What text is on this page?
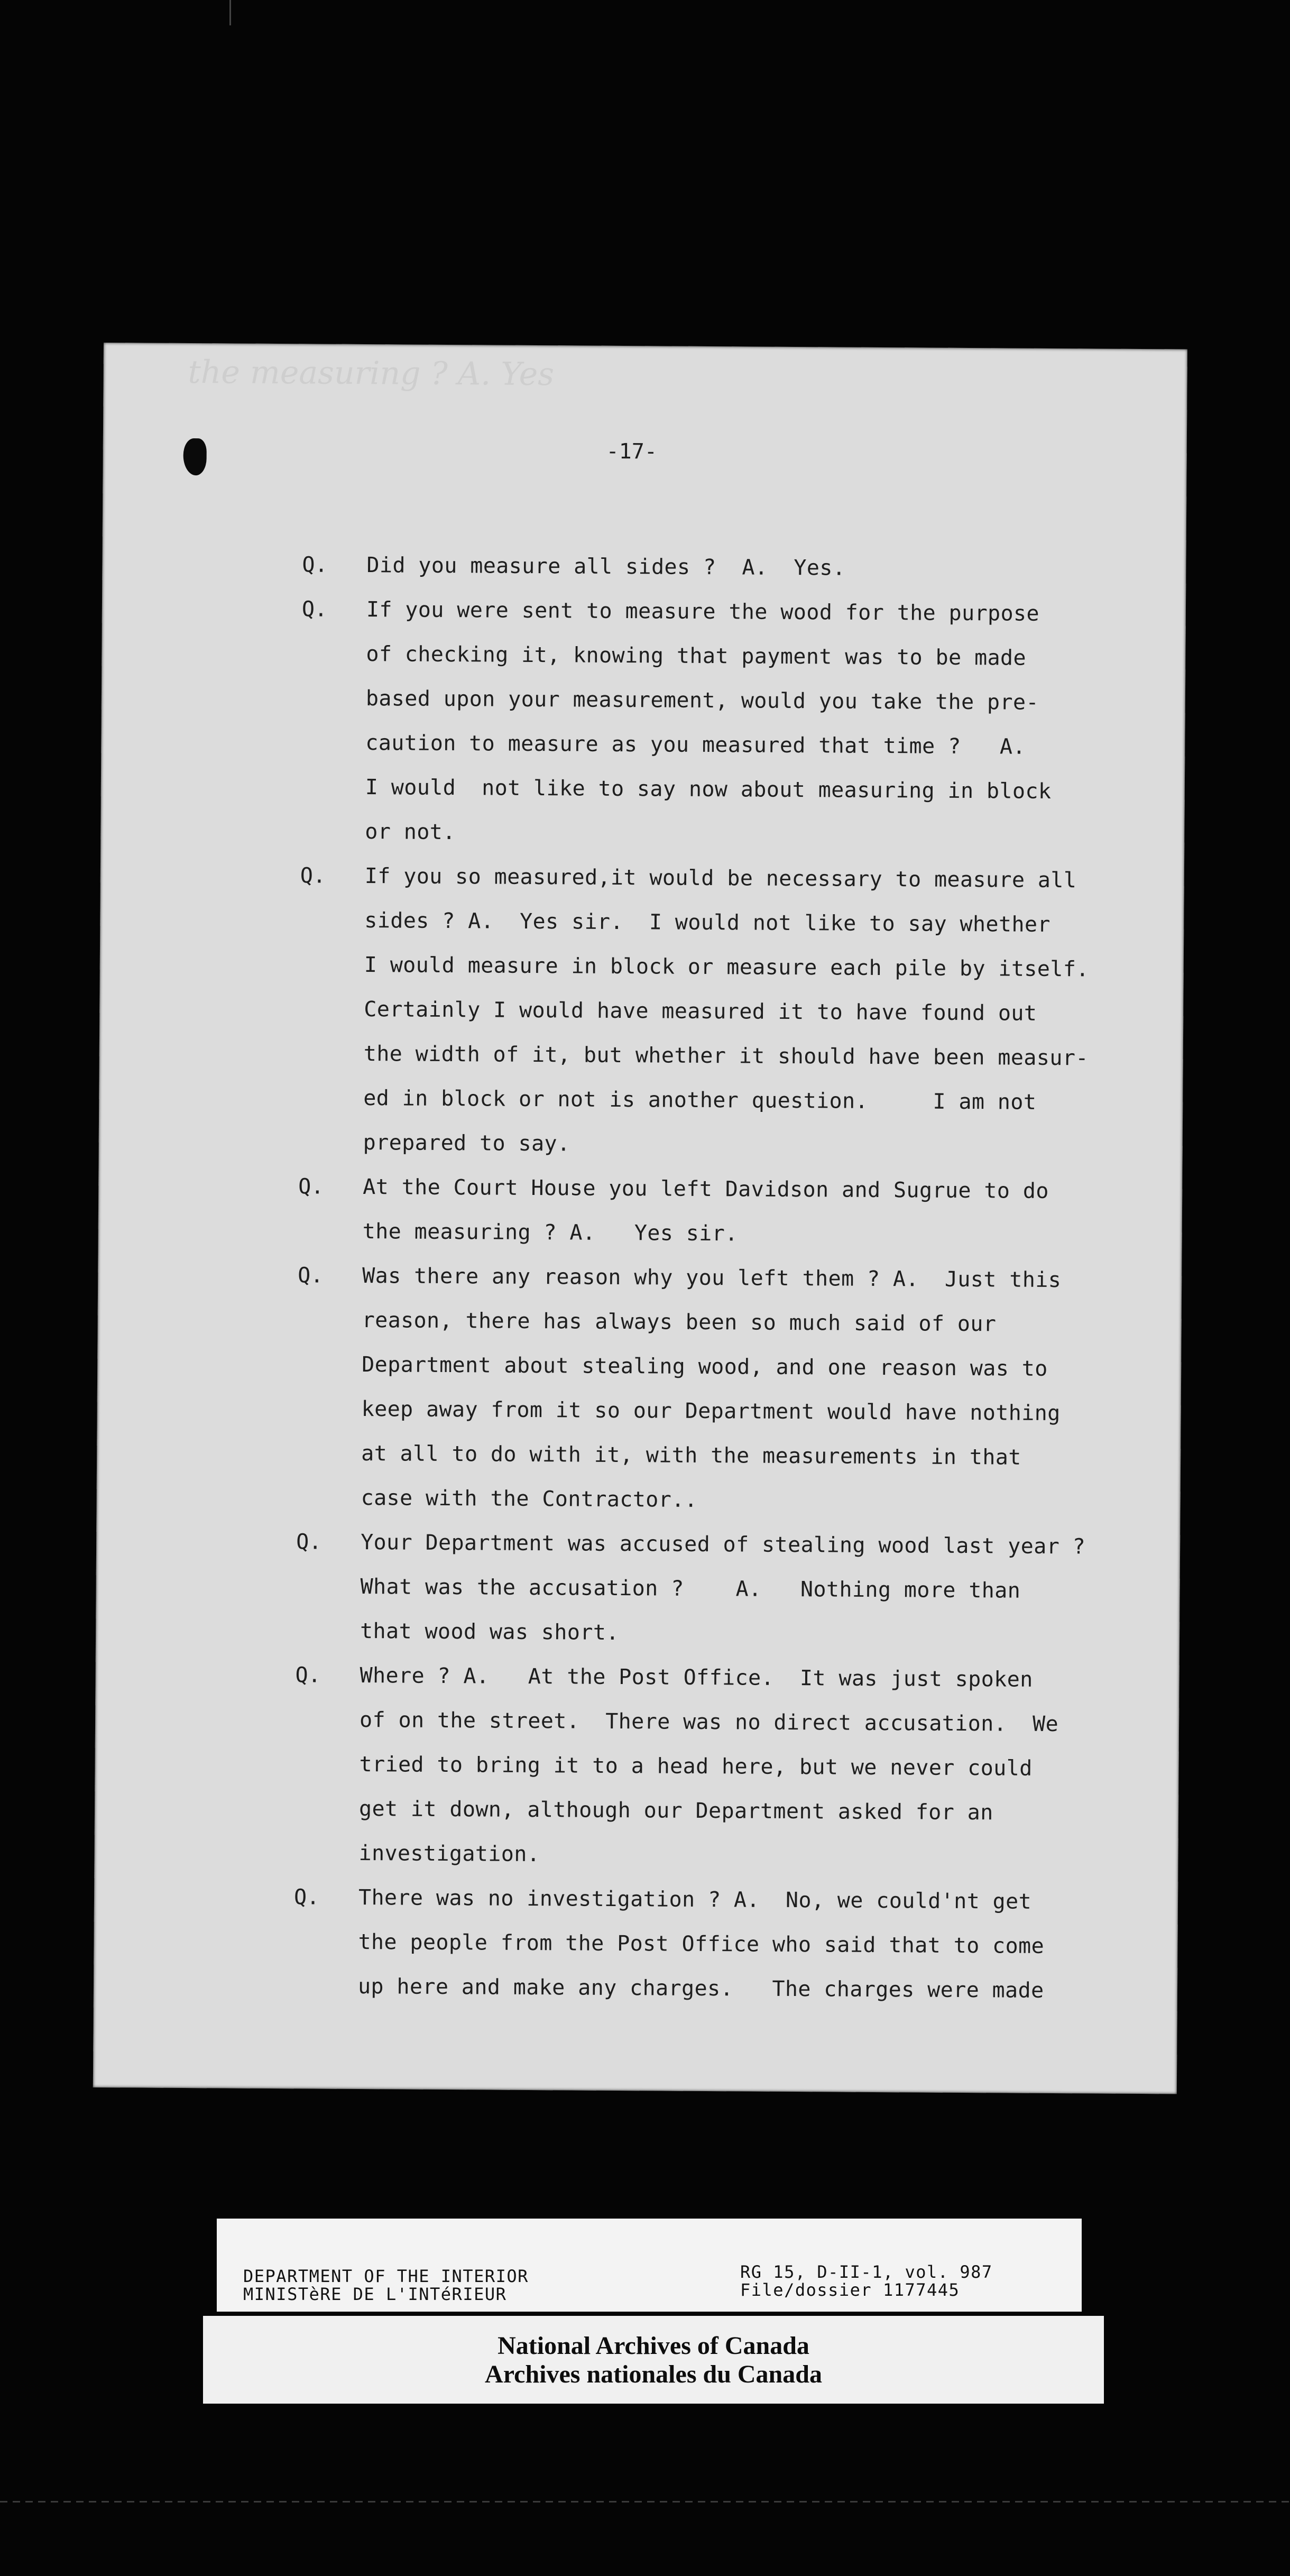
the measuring ? A. Yes
-17-
Q. Did you measure all sides ?  A.  Yes.
Q. If you were sent to measure the wood for the purpose
of checking it, knowing that payment was to be made
based upon your measurement, would you take the pre-
caution to measure as you measured that time ?   A.
I would  not like to say now about measuring in block
or not.
Q. If you so measured,it would be necessary to measure all
sides ? A.  Yes sir.  I would not like to say whether
I would measure in block or measure each pile by itself.
Certainly I would have measured it to have found out
the width of it, but whether it should have been measur-
ed in block or not is another question.     I am not
prepared to say.
Q. At the Court House you left Davidson and Sugrue to do
the measuring ? A.   Yes sir.
Q. Was there any reason why you left them ? A.  Just this
reason, there has always been so much said of our
Department about stealing wood, and one reason was to
keep away from it so our Department would have nothing
at all to do with it, with the measurements in that
case with the Contractor..
Q. Your Department was accused of stealing wood last year ?
What was the accusation ?    A.   Nothing more than
that wood was short.
Q. Where ? A.   At the Post Office.  It was just spoken
of on the street.  There was no direct accusation.  We
tried to bring it to a head here, but we never could
get it down, although our Department asked for an
investigation.
Q. There was no investigation ? A.  No, we could'nt get
the people from the Post Office who said that to come
up here and make any charges.   The charges were made
DEPARTMENT OF THE INTERIOR
MINISTèRE DE L'INTéRIEUR
RG 15, D-II-1, vol. 987
File/dossier 1177445
National Archives of Canada
Archives nationales du Canada
